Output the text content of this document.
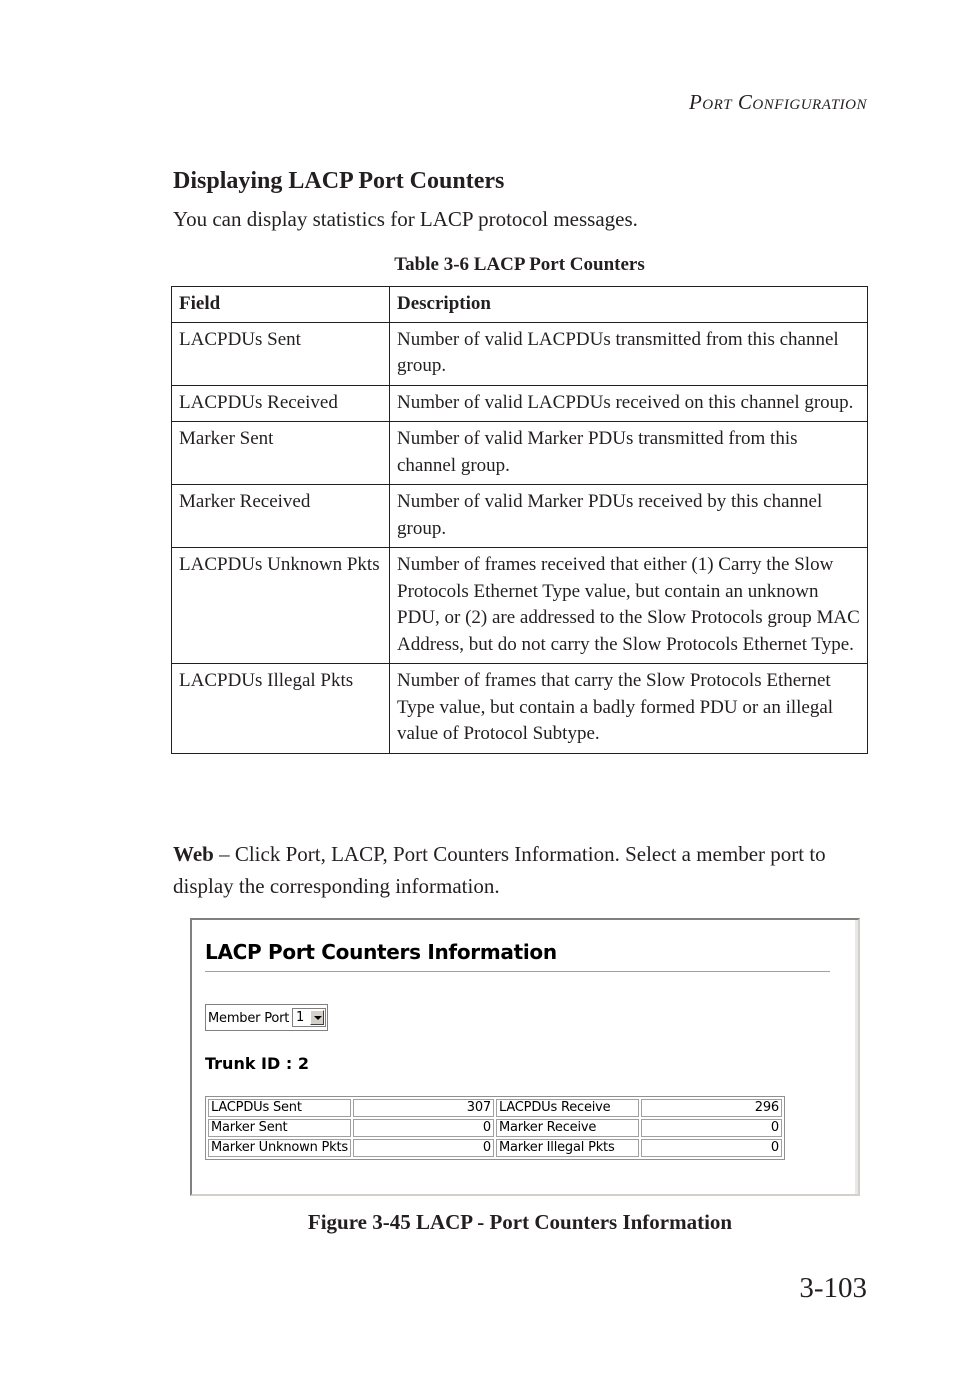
PORT CONFIGURATION
Displaying LACP Port Counters

You can display statistics for LACP protocol messages.

Table 3-6 LACP Port Counters
Field	Description
LACPDUs Sent	Number of valid LACPDUs transmitted from this channel group.
LACPDUs Received	Number of valid LACPDUs received on this channel group.
Marker Sent	Number of valid Marker PDUs transmitted from this channel group.
Marker Received	Number of valid Marker PDUs received by this channel group.
LACPDUs Unknown Pkts	Number of frames received that either (1) Carry the Slow Protocols Ethernet Type value, but contain an unknown PDU, or (2) are addressed to the Slow Protocols group MAC Address, but do not carry the Slow Protocols Ethernet Type.
LACPDUs Illegal Pkts	Number of frames that carry the Slow Protocols Ethernet Type value, but contain a badly formed PDU or an illegal value of Protocol Subtype.

Web – Click Port, LACP, Port Counters Information. Select a member port to display the corresponding information.

LACP Port Counters Information
Member Port 1
Trunk ID : 2
LACPDUs Sent	307	LACPDUs Receive	296
Marker Sent	0	Marker Receive	0
Marker Unknown Pkts	0	Marker Illegal Pkts	0
Figure 3-45 LACP - Port Counters Information
3-103
